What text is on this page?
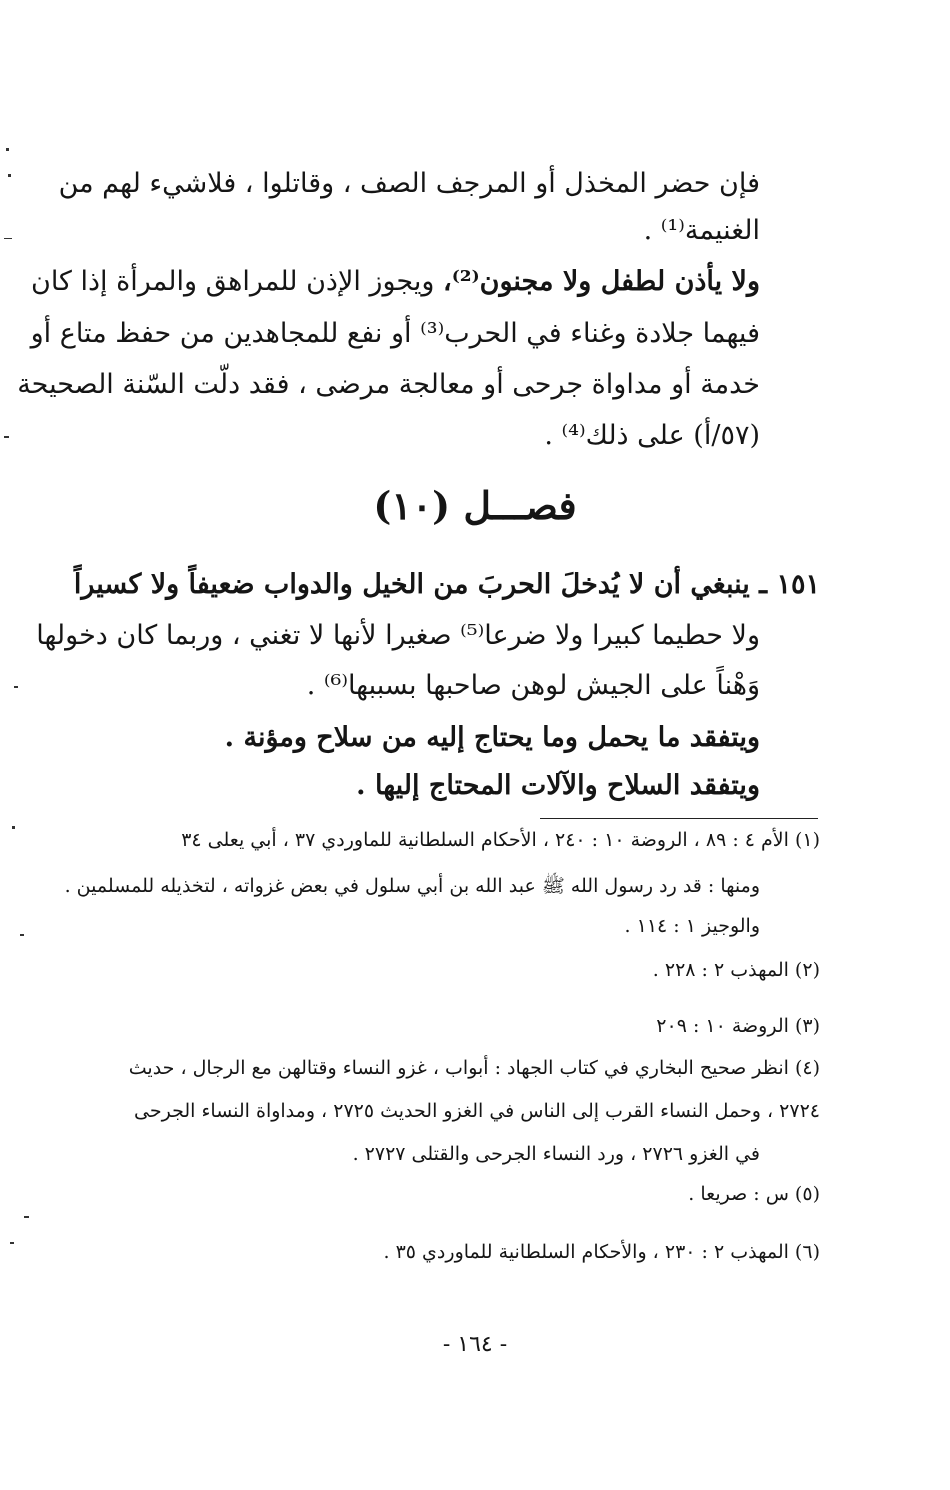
فإن حضر المخذل أو المرجف الصف ، وقاتلوا ، فلاشيء لهم من
الغنيمة⁽¹⁾ .
ولا يأذن لطفل ولا مجنون⁽²⁾، ويجوز الإذن للمراهق والمرأة إذا كان
فيهما جلادة وغناء في الحرب⁽³⁾ أو نفع للمجاهدين من حفظ متاع أو
خدمة أو مداواة جرحى أو معالجة مرضى ، فقد دلّت السّنة الصحيحة
(٥٧/أ) على ذلك⁽⁴⁾ .
فصـــل (١٠)
١٥١ ـ ينبغي أن لا يُدخلَ الحربَ من الخيل والدواب ضعيفاً ولا كسيراً
ولا حطيما كبيرا ولا ضرعا⁽⁵⁾ صغيرا لأنها لا تغني ، وربما كان دخولها
وَهْناً على الجيش لوهن صاحبها بسببها⁽⁶⁾ .
ويتفقد ما يحمل وما يحتاج إليه من سلاح ومؤنة .
ويتفقد السلاح والآلات المحتاج إليها .
(١) الأم ٤ : ٨٩ ، الروضة ١٠ : ٢٤٠ ، الأحكام السلطانية للماوردي ٣٧ ، أبي يعلى ٣٤
ومنها : قد رد رسول الله ﷺ عبد الله بن أبي سلول في بعض غزواته ، لتخذيله للمسلمين .
والوجيز ١ : ١١٤ .
(٢) المهذب ٢ : ٢٢٨ .
(٣) الروضة ١٠ : ٢٠٩
(٤) انظر صحيح البخاري في كتاب الجهاد : أبواب ، غزو النساء وقتالهن مع الرجال ، حديث
٢٧٢٤ ، وحمل النساء القرب إلى الناس في الغزو الحديث ٢٧٢٥ ، ومداواة النساء الجرحى
في الغزو ٢٧٢٦ ، ورد النساء الجرحى والقتلى ٢٧٢٧ .
(٥) س : صريعا .
(٦) المهذب ٢ : ٢٣٠ ، والأحكام السلطانية للماوردي ٣٥ .
- ١٦٤ -
